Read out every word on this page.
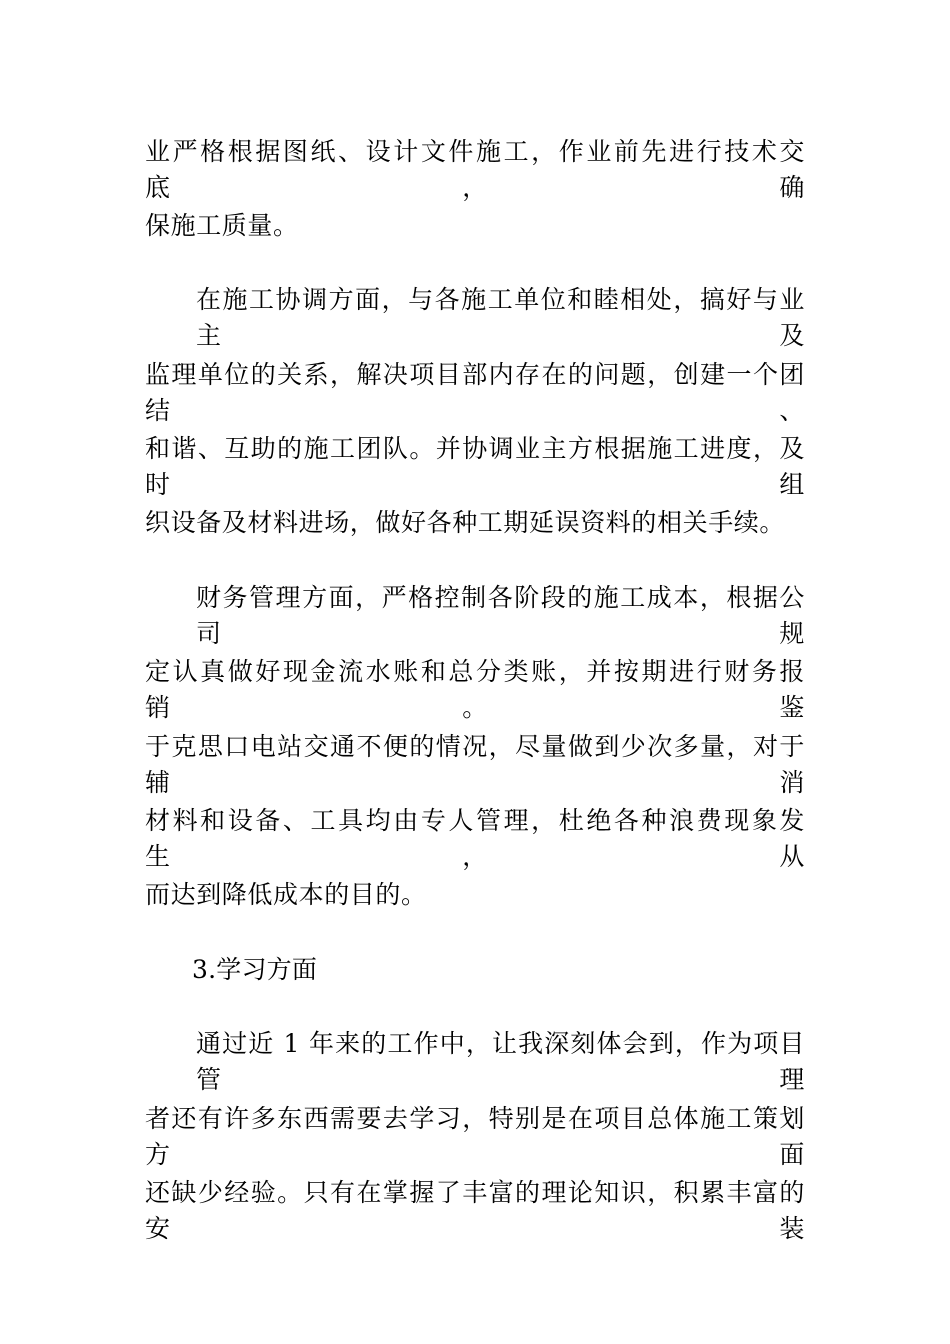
业严格根据图纸、设计文件施工，作业前先进行技术交底，确
保施工质量。
在施工协调方面，与各施工单位和睦相处，搞好与业主及
监理单位的关系，解决项目部内存在的问题，创建一个团结、
和谐、互助的施工团队。并协调业主方根据施工进度，及时组
织设备及材料进场，做好各种工期延误资料的相关手续。
财务管理方面，严格控制各阶段的施工成本，根据公司规
定认真做好现金流水账和总分类账，并按期进行财务报销。鉴
于克思口电站交通不便的情况，尽量做到少次多量，对于辅消
材料和设备、工具均由专人管理，杜绝各种浪费现象发生，从
而达到降低成本的目的。
3.学习方面
通过近 1 年来的工作中，让我深刻体会到，作为项目管理
者还有许多东西需要去学习，特别是在项目总体施工策划方面
还缺少经验。只有在掌握了丰富的理论知识，积累丰富的安装
